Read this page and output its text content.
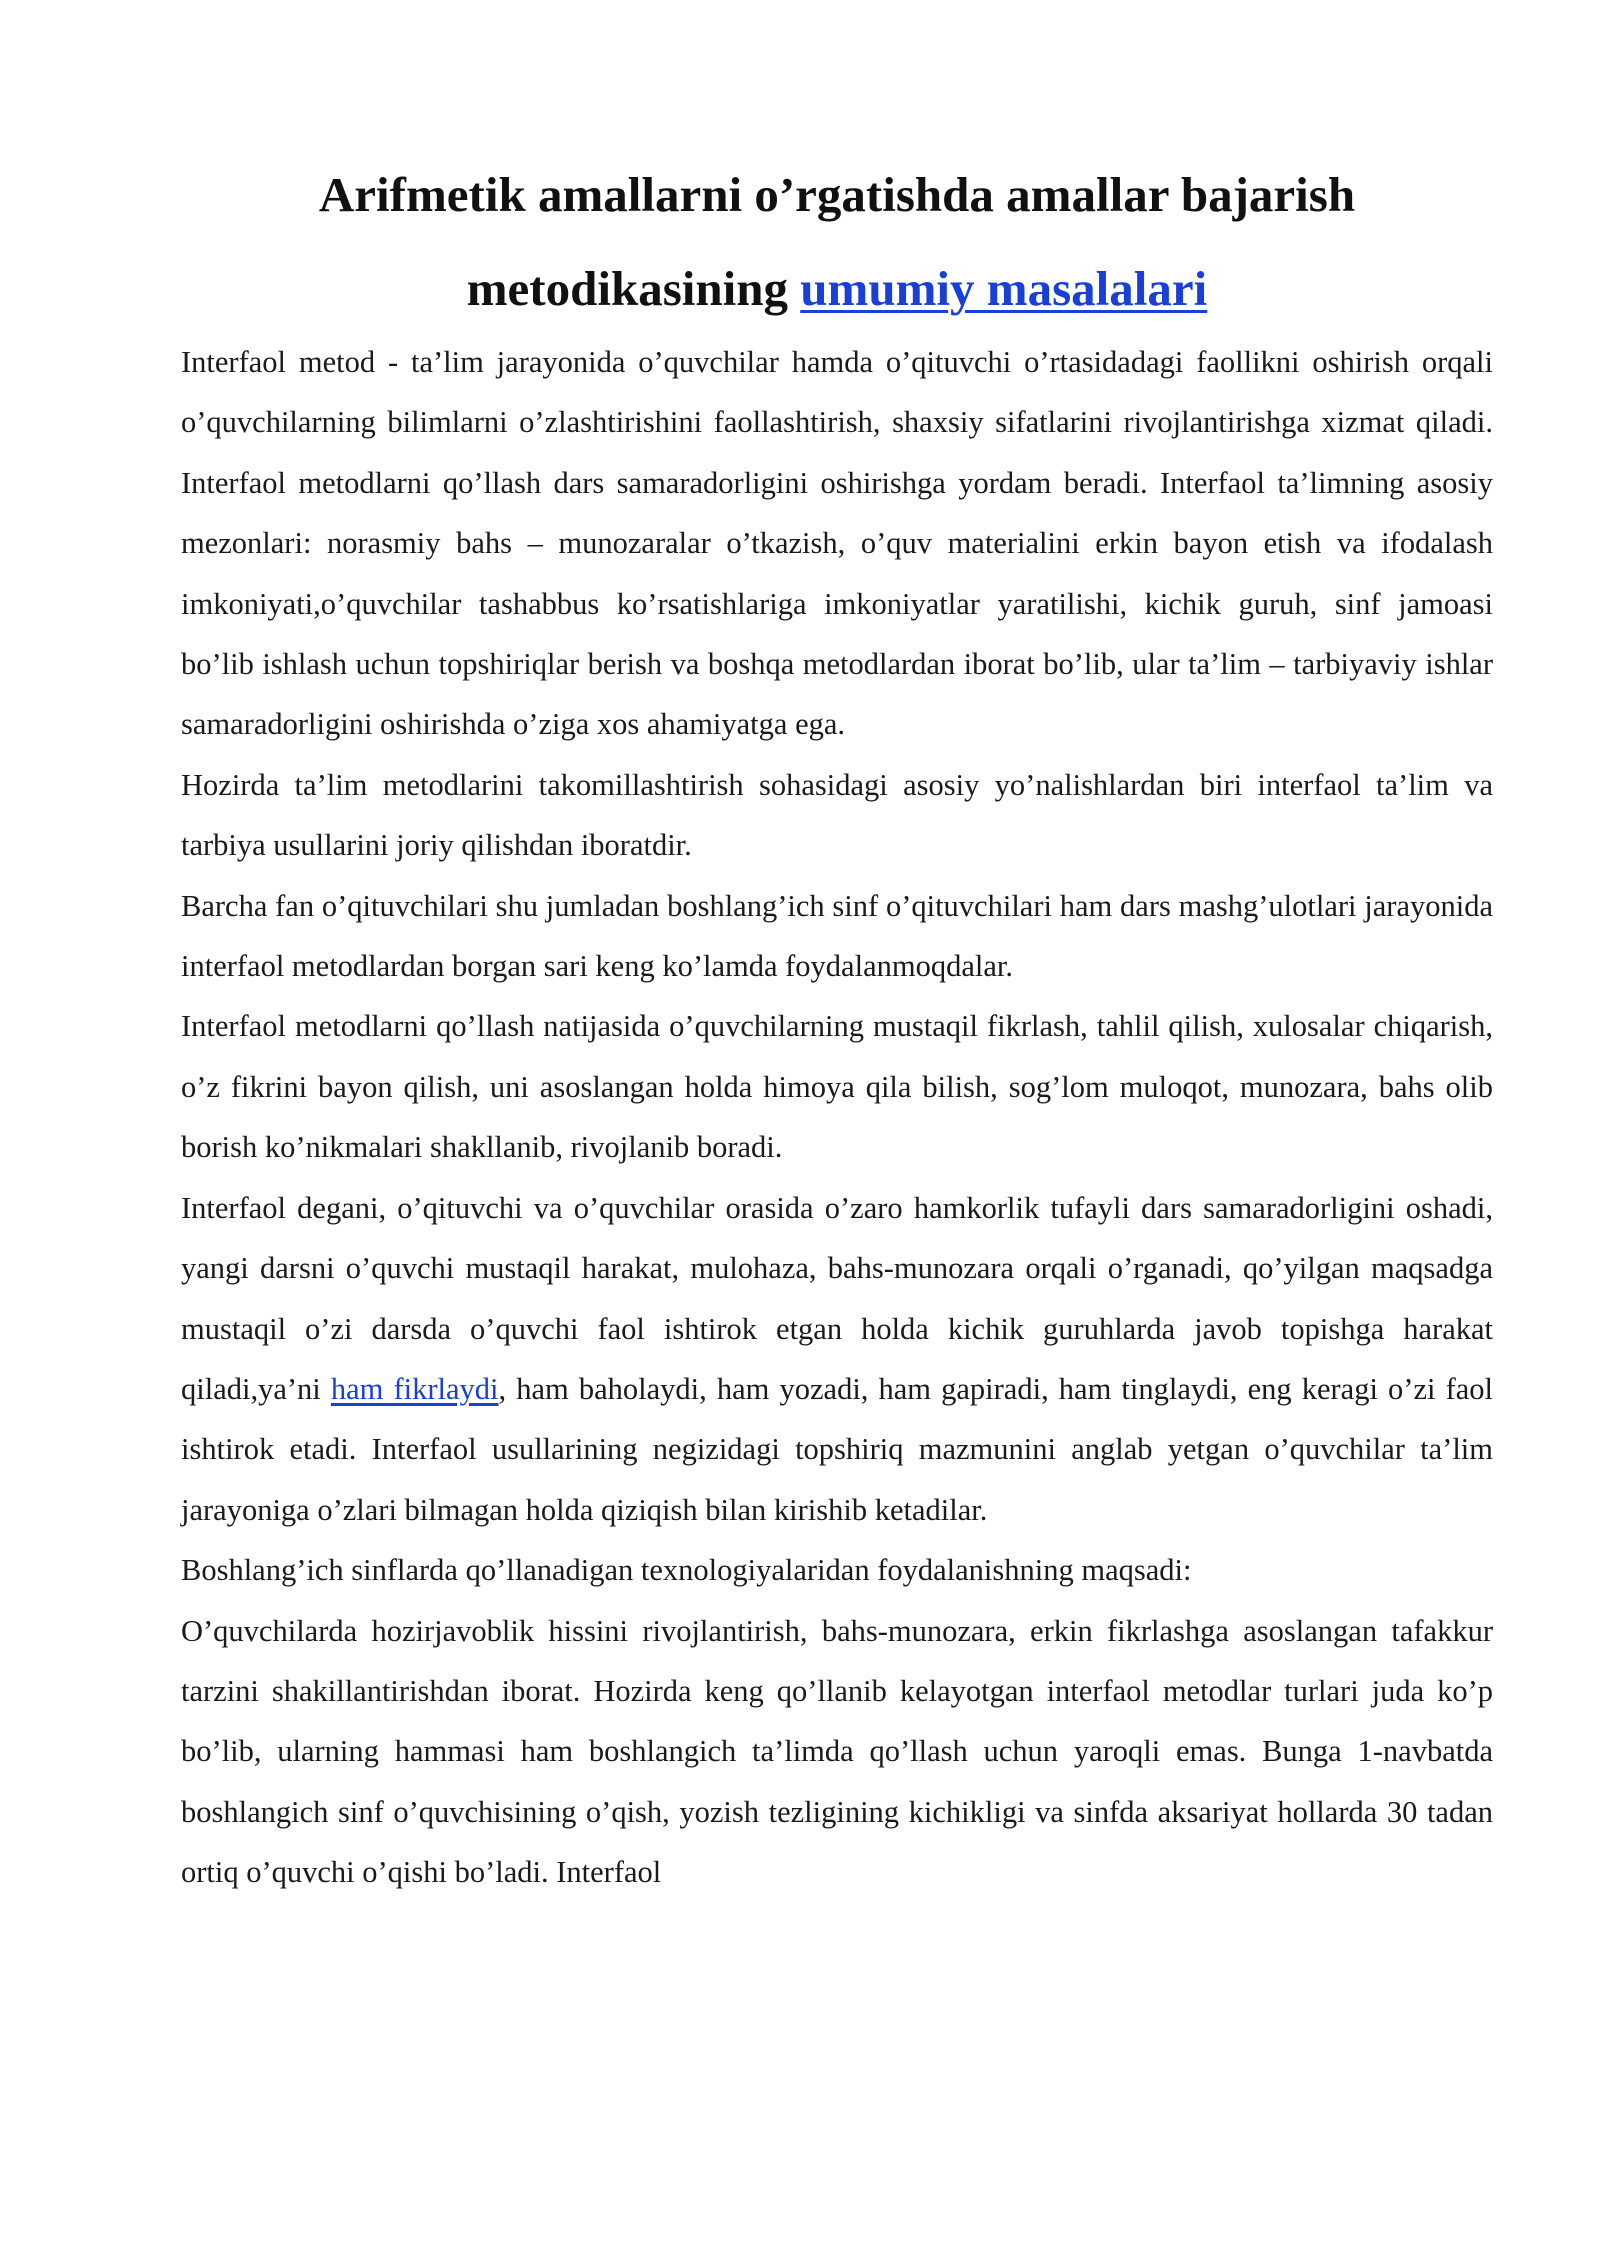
Arifmetik amallarni o’rgatishda amallar bajarish
metodikasining umumiy masalalari

Interfaol metod - ta’lim jarayonida o’quvchilar hamda o’qituvchi o’rtasidadagi faollikni oshirish orqali o’quvchilarning bilimlarni o’zlashtirishini faollashtirish, shaxsiy sifatlarini rivojlantirishga xizmat qiladi. Interfaol metodlarni qo’llash dars samaradorligini oshirishga yordam beradi. Interfaol ta’limning asosiy mezonlari: norasmiy bahs – munozaralar o’tkazish, o’quv materialini erkin bayon etish va ifodalash imkoniyati,o’quvchilar tashabbus ko’rsatishlariga imkoniyatlar yaratilishi, kichik guruh, sinf jamoasi bo’lib ishlash uchun topshiriqlar berish va boshqa metodlardan iborat bo’lib, ular ta’lim – tarbiyaviy ishlar samaradorligini oshirishda o’ziga xos ahamiyatga ega.

Hozirda ta’lim metodlarini takomillashtirish sohasidagi asosiy yo’nalishlardan biri interfaol ta’lim va tarbiya usullarini joriy qilishdan iboratdir.

Barcha fan o’qituvchilari shu jumladan boshlang’ich sinf o’qituvchilari ham dars mashg’ulotlari jarayonida interfaol metodlardan borgan sari keng ko’lamda foydalanmoqdalar.

Interfaol metodlarni qo’llash natijasida o’quvchilarning mustaqil fikrlash, tahlil qilish, xulosalar chiqarish, o’z fikrini bayon qilish, uni asoslangan holda himoya qila bilish, sog’lom muloqot, munozara, bahs olib borish ko’nikmalari shakllanib, rivojlanib boradi.

Interfaol degani, o’qituvchi va o’quvchilar orasida o’zaro hamkorlik tufayli dars samaradorligini oshadi, yangi darsni o’quvchi mustaqil harakat, mulohaza, bahs-munozara orqali o’rganadi, qo’yilgan maqsadga mustaqil o’zi darsda o’quvchi faol ishtirok etgan holda kichik guruhlarda javob topishga harakat qiladi,ya’ni ham fikrlaydi, ham baholaydi, ham yozadi, ham gapiradi, ham tinglaydi, eng keragi o’zi faol ishtirok etadi. Interfaol usullarining negizidagi topshiriq mazmunini anglab yetgan o’quvchilar ta’lim jarayoniga o’zlari bilmagan holda qiziqish bilan kirishib ketadilar.

Boshlang’ich sinflarda qo’llanadigan texnologiyalaridan foydalanishning maqsadi:

O’quvchilarda hozirjavoblik hissini rivojlantirish, bahs-munozara, erkin fikrlashga asoslangan tafakkur tarzini shakillantirishdan iborat. Hozirda keng qo’llanib kelayotgan interfaol metodlar turlari juda ko’p bo’lib, ularning hammasi ham boshlangich ta’limda qo’llash uchun yaroqli emas. Bunga 1-navbatda boshlangich sinf o’quvchisining o’qish, yozish tezligining kichikligi va sinfda aksariyat hollarda 30 tadan ortiq o’quvchi o’qishi bo’ladi. Interfaol
